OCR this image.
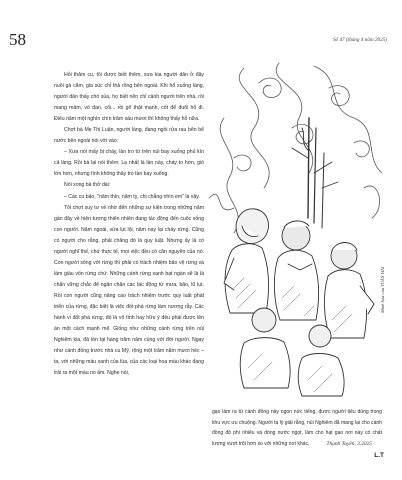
58	Số 47 (tháng 4 năm 2025)

Hỏi thăm cu, tôi được biết thêm, xưa kia người dân ở đây nuôi gà cẩm, gia súc chỉ thả rông bên ngoài. Khi hổ xuống làng, người dân thấy chó sủa, họ biết nên chỉ cảnh người trên nhà, rồi mang mâm, vó đan, cối... rồi gõ thật mạnh, cốt để đuổi hổ đi. Điều năm một nghìn chín trăm sáu mươi thì không thấy hổ nữa.

Chợt bà Mẹ Thị Luận, người làng, đang ngồi rửa rau bên bể nước bên ngoài nói với vào:

– Xưa nói mấy bị cháy, làn tro từ trên núi bay xuống phủ kín cả làng. Rồi bà lại nói thêm: Lạ nhất là lần này, cháy to hơn, gió lớn hơn, nhưng tình không thấy tro tàn bay xuống.

Nói xong bà thở dài:

– Các cu bảo, "năm thìn, năm tỵ, chị chẳng nhìn em" là vậy.

Tôi chợt suy tư về nhờ đến những sự kiện trong những năm gần đây về hiện tượng thiên nhiên đang tác động đến cuộc sống con người. Năm ngoái, vừa lụt lội, năm nay lại cháy rừng. Cũng có người cho rằng, phải chăng đó là quy luật. Nhưng ấy là có người nghĩ thế, chứ thực tế, mọi việc đều có căn nguyên của nó. Con người sống với rừng thì phải có trách nhiệm bảo vệ rừng và làm giàu vốn rừng chứ. Những cánh rừng xanh bạt ngàn sẽ là lá chắn vững chắc để ngăn chặn các tác động từ mưa, bão, lũ lụt. Rồi con người cũng nâng cao trách nhiệm trước quy luật phát triển của rừng, đặc biệt là việc đốt phá rừng làm nương rẫy. Các hành vi đốt phá rừng, đó là vô tình hay hữu ý đều phải được lên án một cách mạnh mẽ. Giống như những cánh rừng trên núi Nghiêm kia, đã tồn tại hàng trăm năm cùng với đời người. Ngay như cánh đồng trước nhà cu Mỹ, rộng một trăm năm mươi héc – ta, với những màu xanh của lúa, của các loại hoa màu khác đang trải ra một màu no ấm. Nghe nói,

Minh họa của TUẤN HẢI

gạo làm ra từ cánh đồng này ngon nức tiếng, được người tiêu dùng trong khu vực ưu chuộng. Người ta lý giải rằng, núi Nghiêm đã mang lại cho cánh đồng độ phì nhiêu và dòng nước ngọt, làm cho hạt gạo nơi này có chất lượng vượt trội hơn so với những nơi khác.	Thạnh Tuyền, 3.2025
L.T
